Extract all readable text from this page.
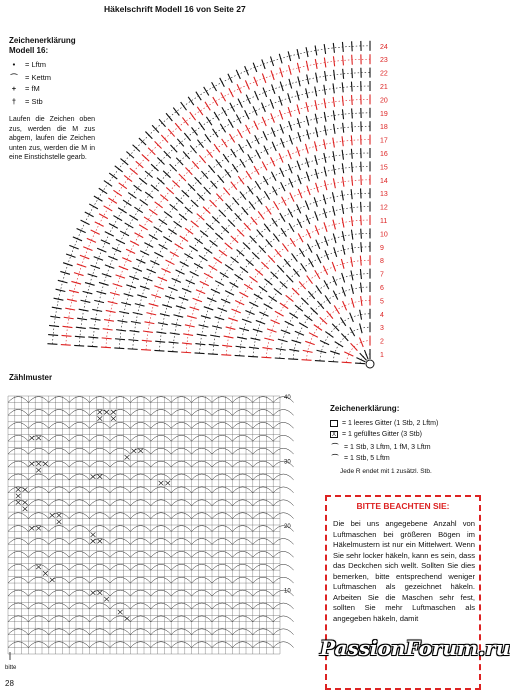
Häkelschrift Modell 16 von Seite 27
Zeichenerklärung
Modell 16:
•	= Lftm
⌒ = Kettm
+	= fM
†	= Stb
Laufen die Zeichen oben zus, werden die M zus abgem, laufen die Zeichen unten zus, werden die M in eine Einstichstelle gearb.
1
2
3
4
5
6
7
8
9
10
11
12
13
14
15
16
17
18
19
20
21
22
23
24
Zählmuster
40
30
20
10
bitte
28
Zeichenerklärung:
= 1 leeres Gitter (1 Stb, 2 Lftm)
X = 1 gefülltes Gitter (3 Stb)
⌒ = 1 Stb, 3 Lftm, 1 fM, 3 Lftm
⌒ = 1 Stb, 5 Lftm
Jede R endet mit 1 zusätzl. Stb.
BITTE BEACHTEN SIE:
Die bei uns angegebene Anzahl von Luftmaschen bei größeren Bögen im Häkelmustern ist nur ein Mittelwert. Wenn Sie sehr locker häkeln, kann es sein, dass das Deckchen sich wellt. Sollten Sie dies bemerken, bitte entsprechend weniger Luftmaschen als gezeichnet häkeln. Arbeiten Sie die Maschen sehr fest, sollten Sie mehr Luftmaschen als angegeben häkeln, damit
PassionForum.ru
